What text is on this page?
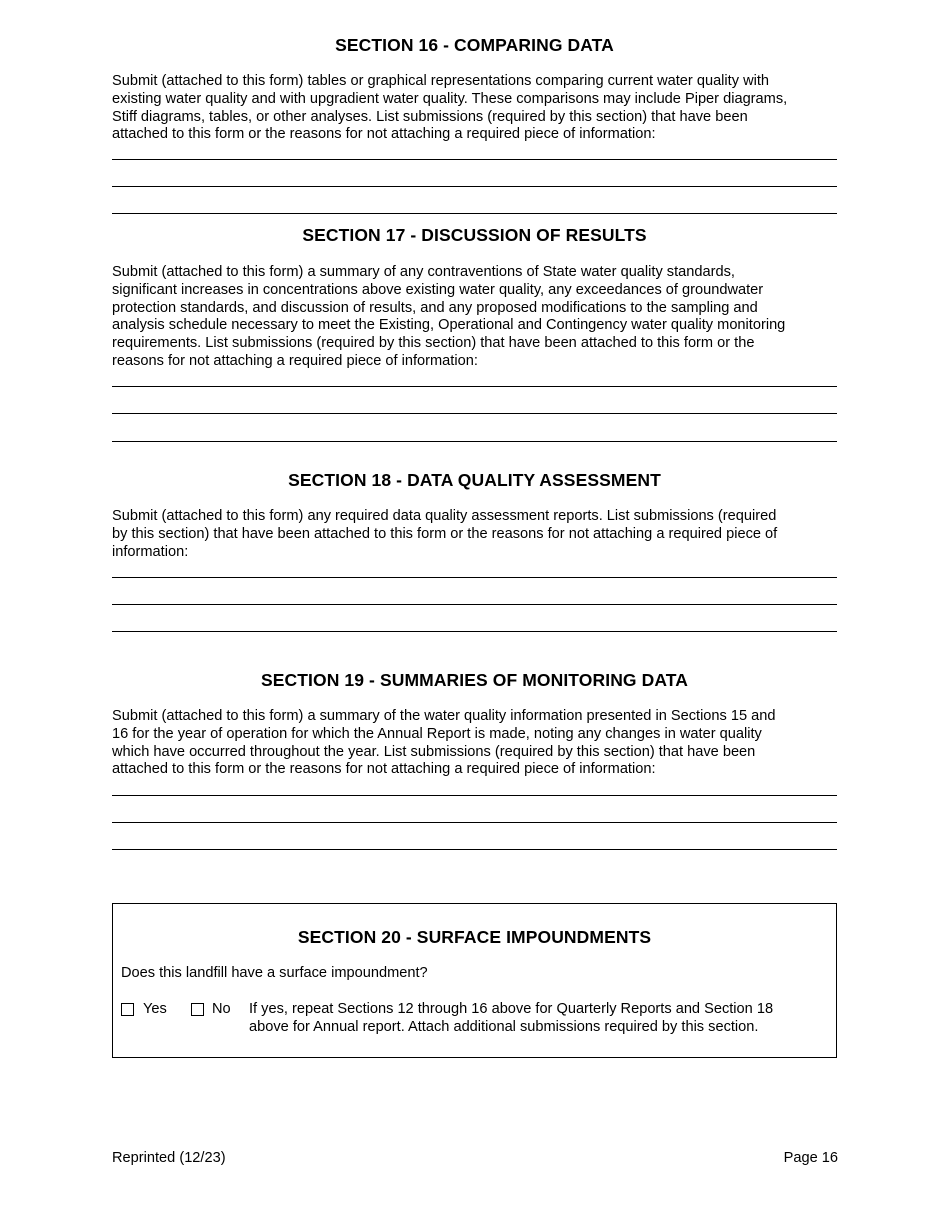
SECTION 16 - COMPARING DATA
Submit (attached to this form) tables or graphical representations comparing current water quality with
existing water quality and with upgradient water quality. These comparisons may include Piper diagrams,
Stiff diagrams, tables, or other analyses. List submissions (required by this section) that have been
attached to this form or the reasons for not attaching a required piece of information:
SECTION 17 - DISCUSSION OF RESULTS
Submit (attached to this form) a summary of any contraventions of State water quality standards,
significant increases in concentrations above existing water quality, any exceedances of groundwater
protection standards, and discussion of results, and any proposed modifications to the sampling and
analysis schedule necessary to meet the Existing, Operational and Contingency water quality monitoring
requirements. List submissions (required by this section) that have been attached to this form or the
reasons for not attaching a required piece of information:
SECTION 18 - DATA QUALITY ASSESSMENT
Submit (attached to this form) any required data quality assessment reports. List submissions (required
by this section) that have been attached to this form or the reasons for not attaching a required piece of
information:
SECTION 19 - SUMMARIES OF MONITORING DATA
Submit (attached to this form) a summary of the water quality information presented in Sections 15 and
16 for the year of operation for which the Annual Report is made, noting any changes in water quality
which have occurred throughout the year. List submissions (required by this section) that have been
attached to this form or the reasons for not attaching a required piece of information:
SECTION 20 - SURFACE IMPOUNDMENTS
Does this landfill have a surface impoundment?
Yes	No If yes, repeat Sections 12 through 16 above for Quarterly Reports and Section 18
above for Annual report. Attach additional submissions required by this section.
Reprinted (12/23)	Page 16
